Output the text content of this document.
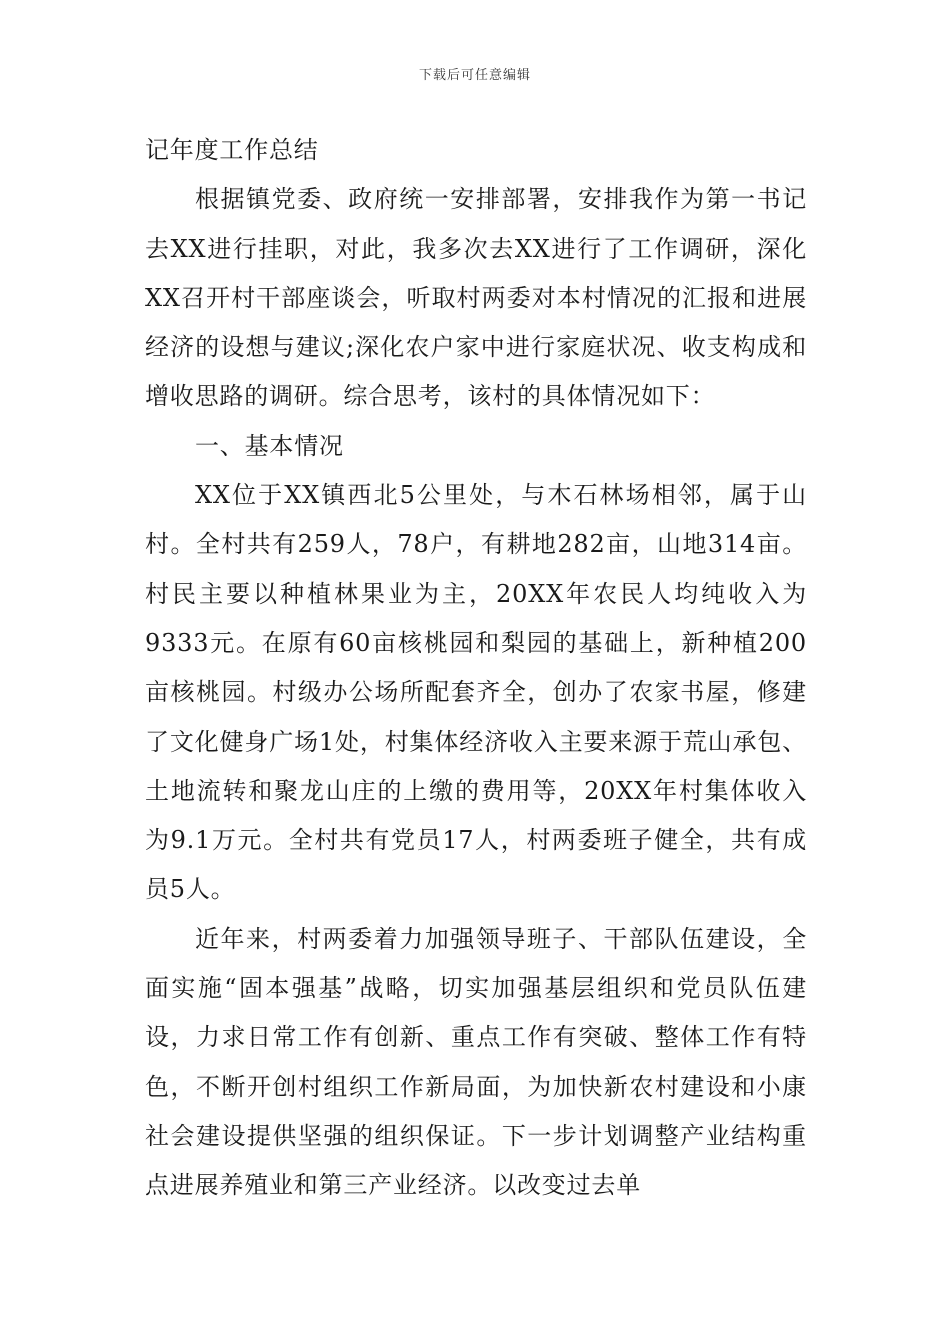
下载后可任意编辑

记年度工作总结

根据镇党委、政府统一安排部署，安排我作为第一书记去XX进行挂职，对此，我多次去XX进行了工作调研，深化XX召开村干部座谈会，听取村两委对本村情况的汇报和进展经济的设想与建议;深化农户家中进行家庭状况、收支构成和增收思路的调研。综合思考，该村的具体情况如下：

一、基本情况

XX位于XX镇西北5公里处，与木石林场相邻，属于山村。全村共有259人，78户，有耕地282亩，山地314亩。村民主要以种植林果业为主，20XX年农民人均纯收入为9333元。在原有60亩核桃园和梨园的基础上，新种植200亩核桃园。村级办公场所配套齐全，创办了农家书屋，修建了文化健身广场1处，村集体经济收入主要来源于荒山承包、土地流转和聚龙山庄的上缴的费用等，20XX年村集体收入为9.1万元。全村共有党员17人，村两委班子健全，共有成员5人。

近年来，村两委着力加强领导班子、干部队伍建设，全面实施“固本强基”战略，切实加强基层组织和党员队伍建设，力求日常工作有创新、重点工作有突破、整体工作有特色，不断开创村组织工作新局面，为加快新农村建设和小康社会建设提供坚强的组织保证。下一步计划调整产业结构重点进展养殖业和第三产业经济。以改变过去单
